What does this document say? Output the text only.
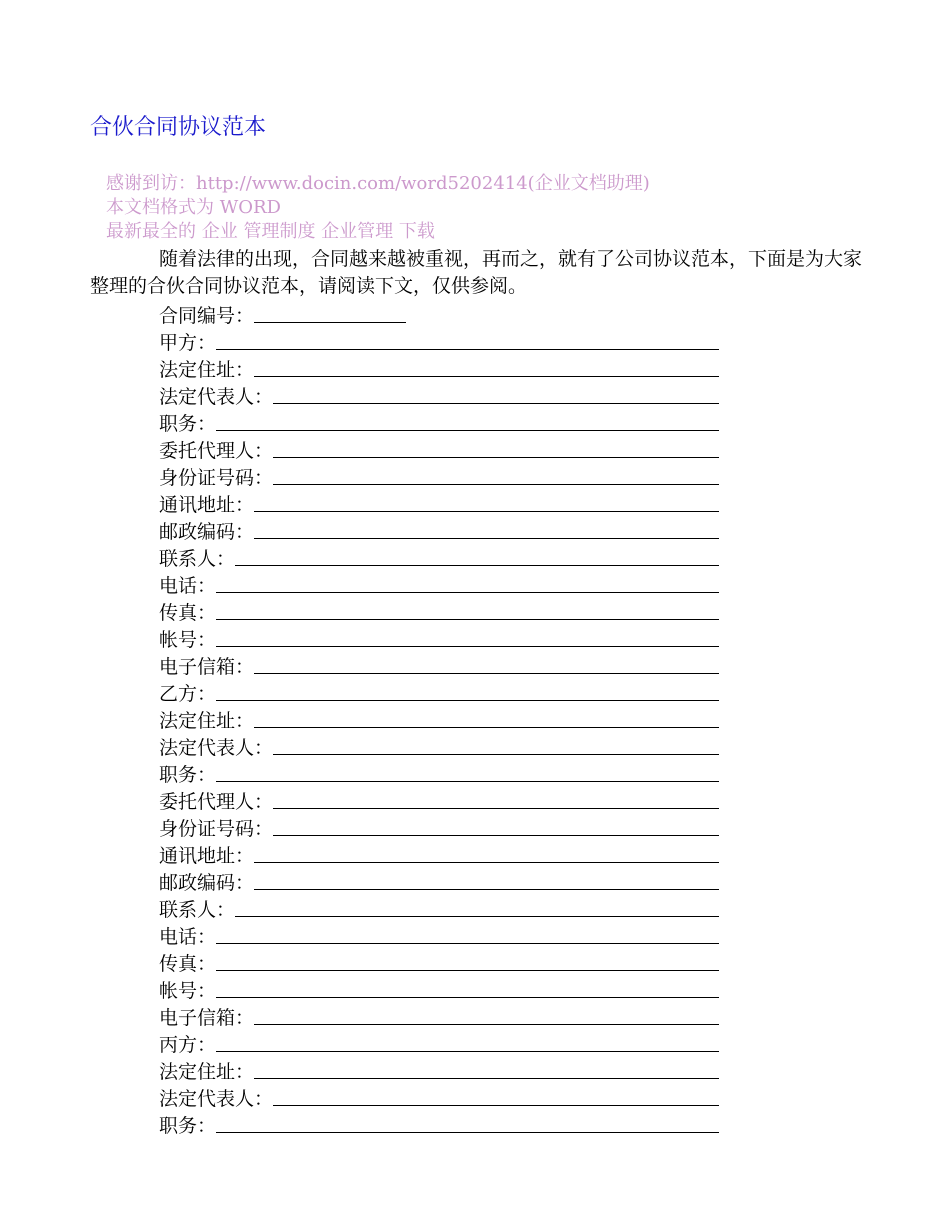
合伙合同协议范本
感谢到访：http://www.docin.com/word5202414(企业文档助理)
本文档格式为 WORD
最新最全的 企业 管理制度 企业管理 下载

随着法律的出现，合同越来越被重视，再而之，就有了公司协议范本，下面是为大家整理的合伙合同协议范本，请阅读下文，仅供参阅。

合同编号：
甲方：
法定住址：
法定代表人：
职务：
委托代理人：
身份证号码：
通讯地址：
邮政编码：
联系人：
电话：
传真：
帐号：
电子信箱：
乙方：
法定住址：
法定代表人：
职务：
委托代理人：
身份证号码：
通讯地址：
邮政编码：
联系人：
电话：
传真：
帐号：
电子信箱：
丙方：
法定住址：
法定代表人：
职务：
